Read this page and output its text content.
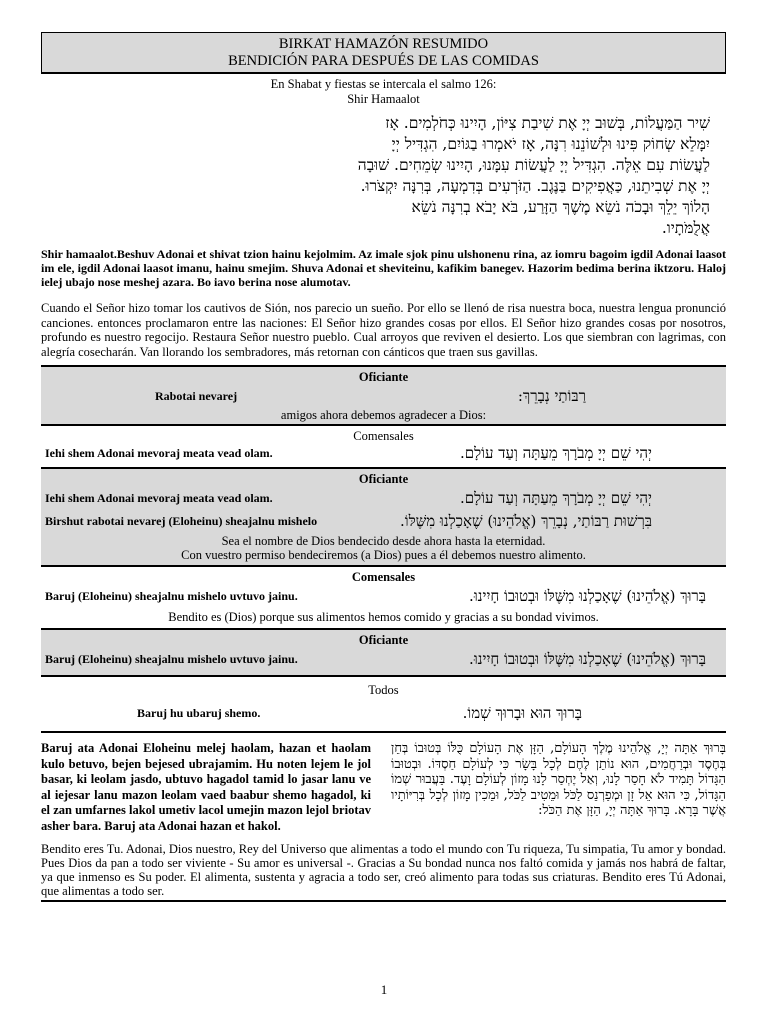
BIRKAT HAMAZÓN RESUMIDO
BENDICIÓN PARA DESPUÉS DE LAS COMIDAS
En Shabat y fiestas se intercala el salmo 126:
Shir Hamaalot
שִׁיר הַמַּעֲלוֹת, בְּשׁוּב יְיָ אֶת שִׁיבַת צִיּוֹן, הָיִינוּ כְּחֹלְמִים. אָז
יִמָּלֵא שְׂחוֹק פִּינוּ וּלְשׁוֹנֵנוּ רִנָּה, אָז יֹאמְרוּ בַגּוֹיִם, הִגְדִּיל יְיָ
לַעֲשׂוֹת עִם אֵלֶּה. הִגְדִּיל יְיָ לַעֲשׂוֹת עִמָּנוּ, הָיִינוּ שְׂמֵחִים. שׁוּבָה
יְיָ אֶת שְׁבִיתֵנוּ, כַּאֲפִיקִים בַּנֶּגֶב. הַזֹּרְעִים בְּדִמְעָה, בְּרִנָּה יִקְצֹרוּ.
הָלוֹךְ יֵלֵךְ וּבָכֹה נֹשֵׂא מֶשֶׁךְ הַזָּרַע, בֹּא יָבֹא בְרִנָּה נֹשֵׂא
אֲלֻמֹּתָיו.
Shir hamaalot.Beshuv Adonai et shivat tzion hainu kejolmim. Az imale sjok pinu ulshonenu rina, az iomru bagoim igdil Adonai laasot im ele, igdil Adonai laasot imanu, hainu smejim. Shuva Adonai et sheviteinu, kafikim banegev. Hazorim bedima berina iktzoru. Haloj ielej ubajo nose meshej azara. Bo iavo berina nose alumotav.
Cuando el Señor hizo tomar los cautivos de Sión, nos parecio un sueño. Por ello se llenó de risa nuestra boca, nuestra lengua pronunció canciones. entonces proclamaron entre las naciones: El Señor hizo grandes cosas por ellos. El Señor hizo grandes cosas por nosotros, profundo es nuestro regocijo. Restaura Señor nuestro pueblo. Cual arroyos que reviven el desierto. Los que siembran con lagrimas, con alegría cosecharán. Van llorando los sembradores, más retornan con cánticos que traen sus gavillas.
Oficiante
Rabotai nevarej	רַבּוֹתַי נְבָרֵךְ:
amigos ahora debemos agradecer a Dios:
Comensales
Iehi shem Adonai mevoraj meata vead olam.	יְהִי שֵׁם יְיָ מְבֹרָךְ מֵעַתָּה וְעַד עוֹלָם.
Oficiante
Iehi shem Adonai mevoraj meata vead olam.	יְהִי שֵׁם יְיָ מְבֹרָךְ מֵעַתָּה וְעַד עוֹלָם.
Birshut rabotai nevarej (Eloheinu) sheajalnu mishelo	בִּרְשׁוּת רַבּוֹתַי, נְבָרֵךְ (אֱלֹהֵינוּ) שֶׁאָכַלְנוּ מִשֶּׁלּוֹ.
Sea el nombre de Dios bendecido desde ahora hasta la eternidad.
Con vuestro permiso bendeciremos (a Dios) pues a él debemos nuestro alimento.
Comensales
Baruj (Eloheinu) sheajalnu mishelo uvtuvo jainu.	בָּרוּךְ (אֱלֹהֵינוּ) שֶׁאָכַלְנוּ מִשֶּׁלּוֹ וּבְטוּבוֹ חָיִינוּ.
Bendito es (Dios) porque sus alimentos hemos comido y gracias a su bondad vivimos.
Oficiante
Baruj (Eloheinu) sheajalnu mishelo uvtuvo jainu.	בָּרוּךְ (אֱלֹהֵינוּ) שֶׁאָכַלְנוּ מִשֶּׁלּוֹ וּבְטוּבוֹ חָיִינוּ.
Todos
Baruj hu ubaruj shemo.	בָּרוּךְ הוּא וּבָרוּךְ שְׁמוֹ.
Baruj ata Adonai Eloheinu melej haolam, hazan et haolam kulo betuvo, bejen bejesed ubrajamim. Hu noten lejem le jol basar, ki leolam jasdo, ubtuvo hagadol tamid lo jasar lanu ve al iejesar lanu mazon leolam vaed baabur shemo hagadol, ki el zan umfarnes lakol umetiv lacol umejin mazon lejol briotav asher bara. Baruj ata Adonai hazan et hakol.
בָּרוּךְ אַתָּה יְיָ, אֱלֹהֵינוּ מֶלֶךְ הָעוֹלָם, הַזָּן אֶת הָעוֹלָם כֻּלּוֹ בְּטוּבוֹ בְּחֵן בְּחֶסֶד וּבְרַחֲמִים, הוּא נוֹתֵן לֶחֶם לְכָל בָּשָׂר כִּי לְעוֹלָם חַסְדּוֹ. וּבְטוּבוֹ הַגָּדוֹל תָּמִיד לֹא חָסַר לָנוּ, וְאַל יֶחְסַר לָנוּ מָזוֹן לְעוֹלָם וָעֶד. בַּעֲבוּר שְׁמוֹ הַגָּדוֹל, כִּי הוּא אֵל זָן וּמְפַרְנֵס לַכֹּל וּמֵטִיב לַכֹּל, וּמֵכִין מָזוֹן לְכָל בְּרִיּוֹתָיו אֲשֶׁר בָּרָא. בָּרוּךְ אַתָּה יְיָ, הַזָּן אֶת הַכֹּל:
Bendito eres Tu. Adonai, Dios nuestro, Rey del Universo que alimentas a todo el mundo con Tu riqueza, Tu simpatia, Tu amor y bondad. Pues Dios da pan a todo ser viviente - Su amor es universal -. Gracias a Su bondad nunca nos faltó comida y jamás nos habrá de faltar, ya que inmenso es Su poder. El alimenta, sustenta y agracia a todo ser, creó alimento para todas sus criaturas. Bendito eres Tú Adonai, que alimentas a todo ser.
1
